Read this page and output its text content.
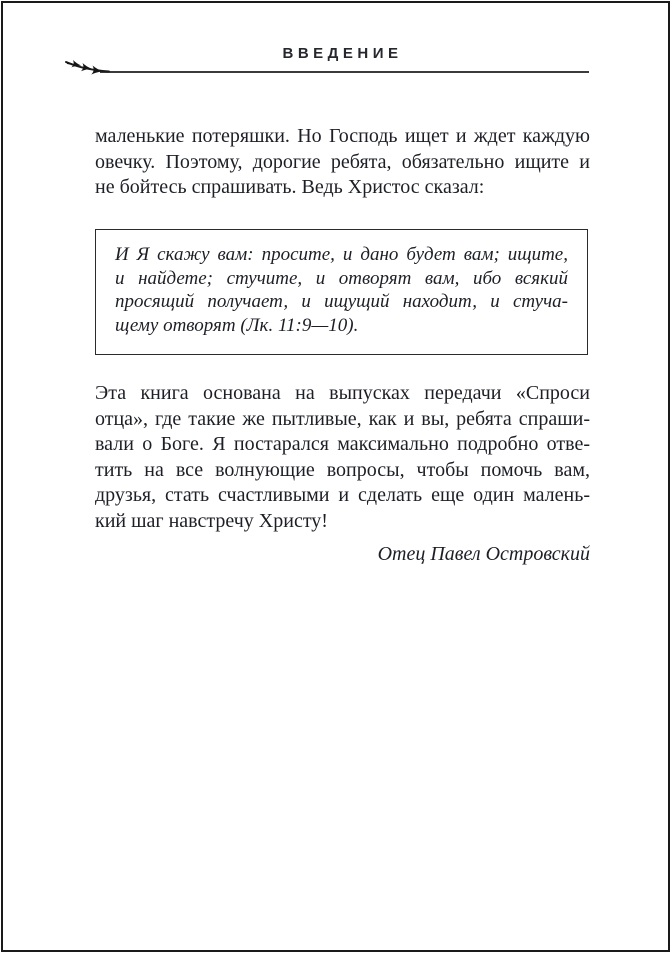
ВВЕДЕНИЕ
маленькие потеряшки. Но Господь ищет и ждет каждую
овечку. Поэтому, дорогие ребята, обязательно ищите и
не бойтесь спрашивать. Ведь Христос сказал:
И Я скажу вам: просите, и дано будет вам; ищите,
и найдете; стучите, и отворят вам, ибо всякий
просящий получает, и ищущий находит, и стуча-
щему отворят (Лк. 11:9—10).
Эта книга основана на выпусках передачи «Спроси
отца», где такие же пытливые, как и вы, ребята спраши-
вали о Боге. Я постарался максимально подробно отве-
тить на все волнующие вопросы, чтобы помочь вам,
друзья, стать счастливыми и сделать еще один малень-
кий шаг навстречу Христу!
Отец Павел Островский
